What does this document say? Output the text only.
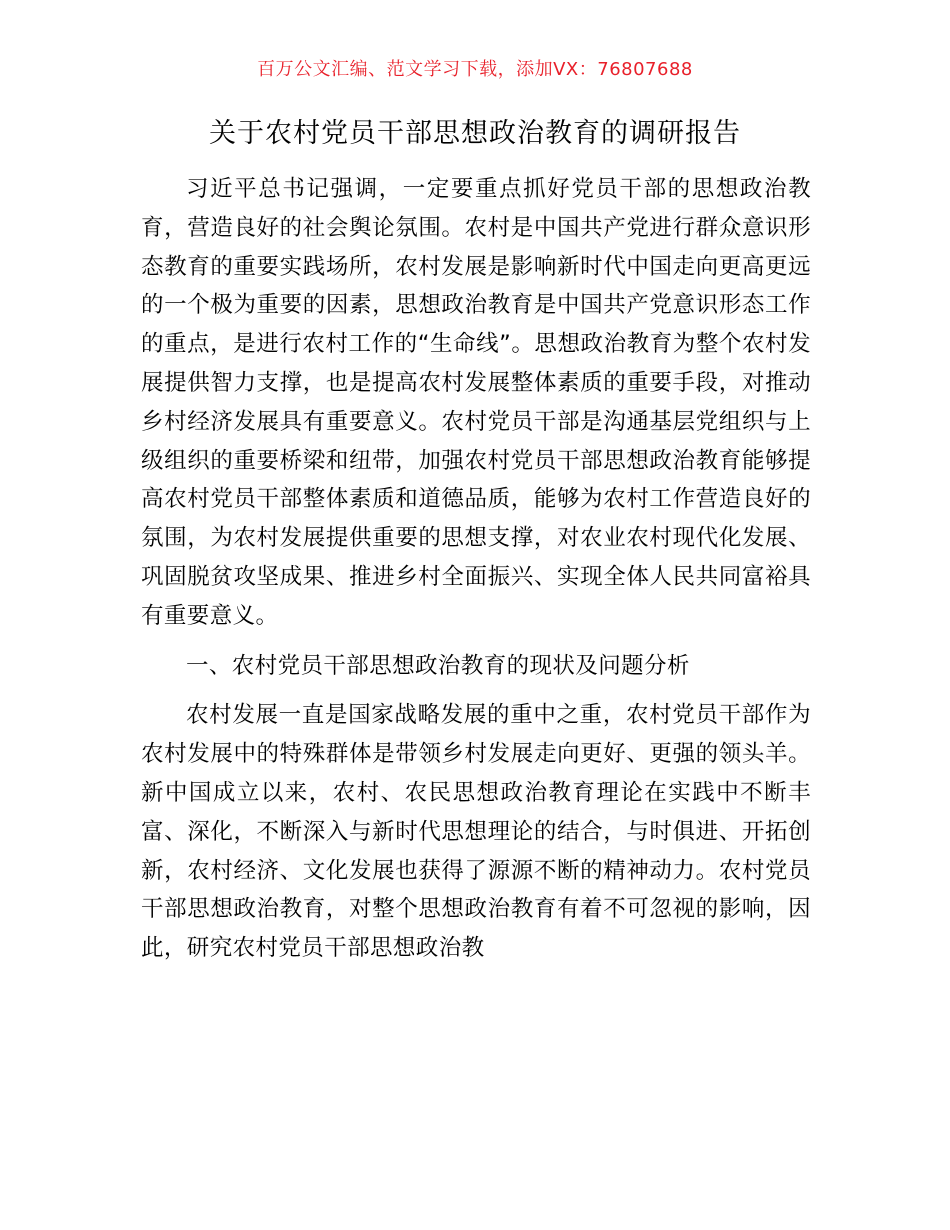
百万公文汇编、范文学习下载，添加VX：76807688
关于农村党员干部思想政治教育的调研报告

习近平总书记强调，一定要重点抓好党员干部的思想政治教育，营造良好的社会舆论氛围。农村是中国共产党进行群众意识形态教育的重要实践场所，农村发展是影响新时代中国走向更高更远的一个极为重要的因素，思想政治教育是中国共产党意识形态工作的重点，是进行农村工作的“生命线”。思想政治教育为整个农村发展提供智力支撑，也是提高农村发展整体素质的重要手段，对推动乡村经济发展具有重要意义。农村党员干部是沟通基层党组织与上级组织的重要桥梁和纽带，加强农村党员干部思想政治教育能够提高农村党员干部整体素质和道德品质，能够为农村工作营造良好的氛围，为农村发展提供重要的思想支撑，对农业农村现代化发展、巩固脱贫攻坚成果、推进乡村全面振兴、实现全体人民共同富裕具有重要意义。

一、农村党员干部思想政治教育的现状及问题分析

农村发展一直是国家战略发展的重中之重，农村党员干部作为农村发展中的特殊群体是带领乡村发展走向更好、更强的领头羊。新中国成立以来，农村、农民思想政治教育理论在实践中不断丰富、深化，不断深入与新时代思想理论的结合，与时俱进、开拓创新，农村经济、文化发展也获得了源源不断的精神动力。农村党员干部思想政治教育，对整个思想政治教育有着不可忽视的影响，因此，研究农村党员干部思想政治教
